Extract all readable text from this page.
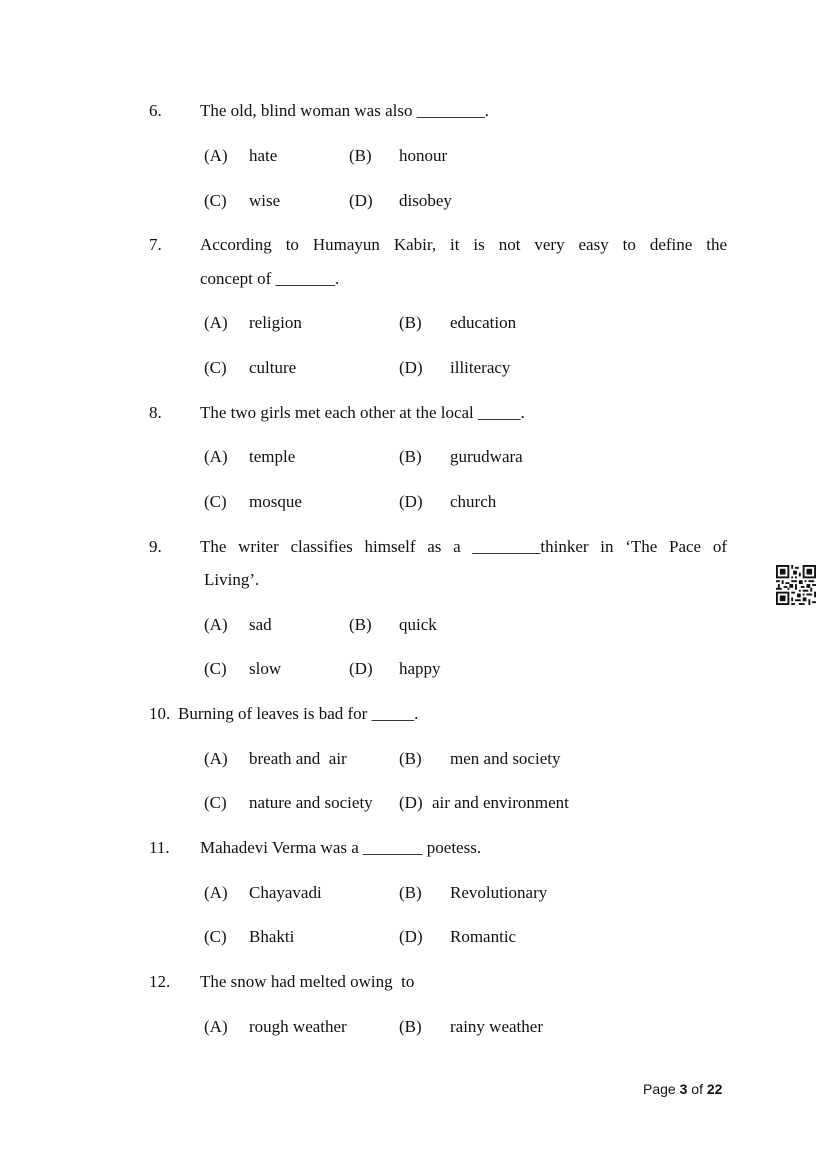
6. The old, blind woman was also ________.
(A) hate	(B) honour
(C) wise	(D) disobey
7. According to Humayun Kabir, it is not very easy to define the
concept of _______.
(A) religion	(B) education
(C) culture	(D) illiteracy
8. The two girls met each other at the local _____.
(A) temple	(B) gurudwara
(C) mosque	(D) church
9. The writer classifies himself as a ________thinker in ‘The Pace of
Living’.
(A) sad	(B) quick
(C) slow	(D) happy
10. Burning of leaves is bad for _____.
(A) breath and  air	(B) men and society
(C) nature and society (D) air and environment
11. Mahadevi Verma was a _______ poetess.
(A) Chayavadi	(B) Revolutionary
(C) Bhakti	(D) Romantic
12. The snow had melted owing  to
(A) rough weather	(B) rainy weather
Page 3 of 22
